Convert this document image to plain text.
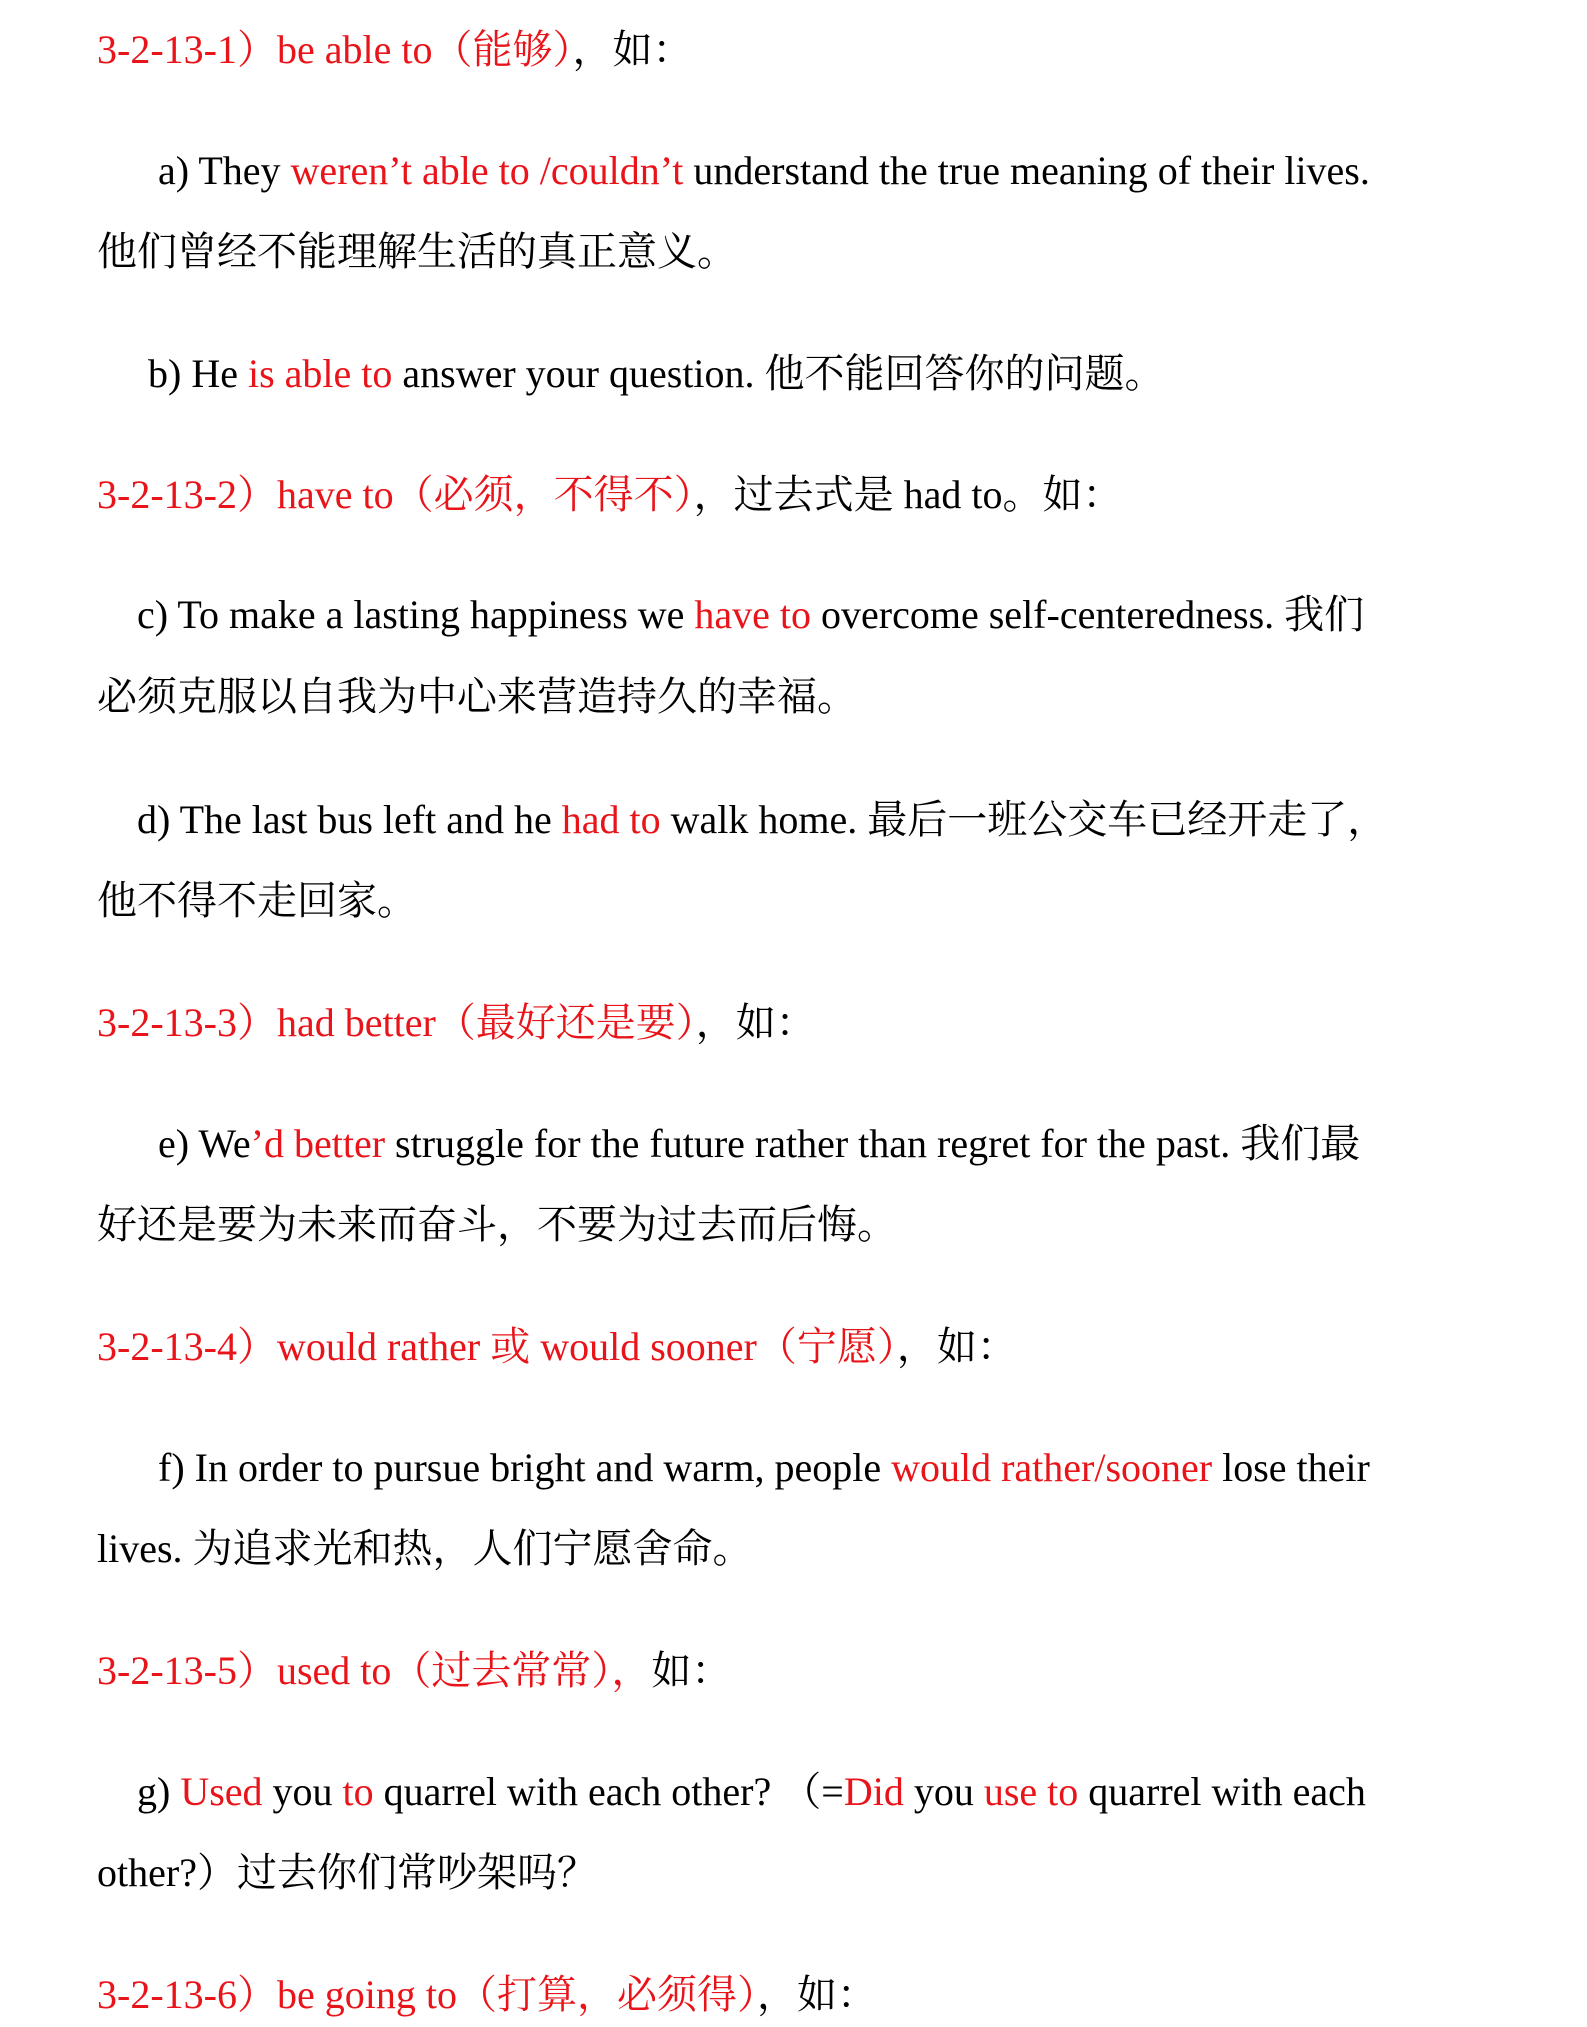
3-2-13-1）be able to（能够），如：
a) They weren’t able to /couldn’t understand the true meaning of their lives.
他们曾经不能理解生活的真正意义。
b) He is able to answer your question. 他不能回答你的问题。
3-2-13-2）have to（必须，不得不），过去式是 had to。如：
c) To make a lasting happiness we have to overcome self-centeredness. 我们
必须克服以自我为中心来营造持久的幸福。
d) The last bus left and he had to walk home. 最后一班公交车已经开走了，
他不得不走回家。
3-2-13-3）had better（最好还是要），如：
e) We’d better struggle for the future rather than regret for the past. 我们最
好还是要为未来而奋斗，不要为过去而后悔。
3-2-13-4）would rather 或 would sooner（宁愿），如：
f) In order to pursue bright and warm, people would rather/sooner lose their
lives. 为追求光和热，人们宁愿舍命。
3-2-13-5）used to（过去常常），如：
g) Used you to quarrel with each other? （=Did you use to quarrel with each
other?）过去你们常吵架吗？
3-2-13-6）be going to（打算，必须得），如：
